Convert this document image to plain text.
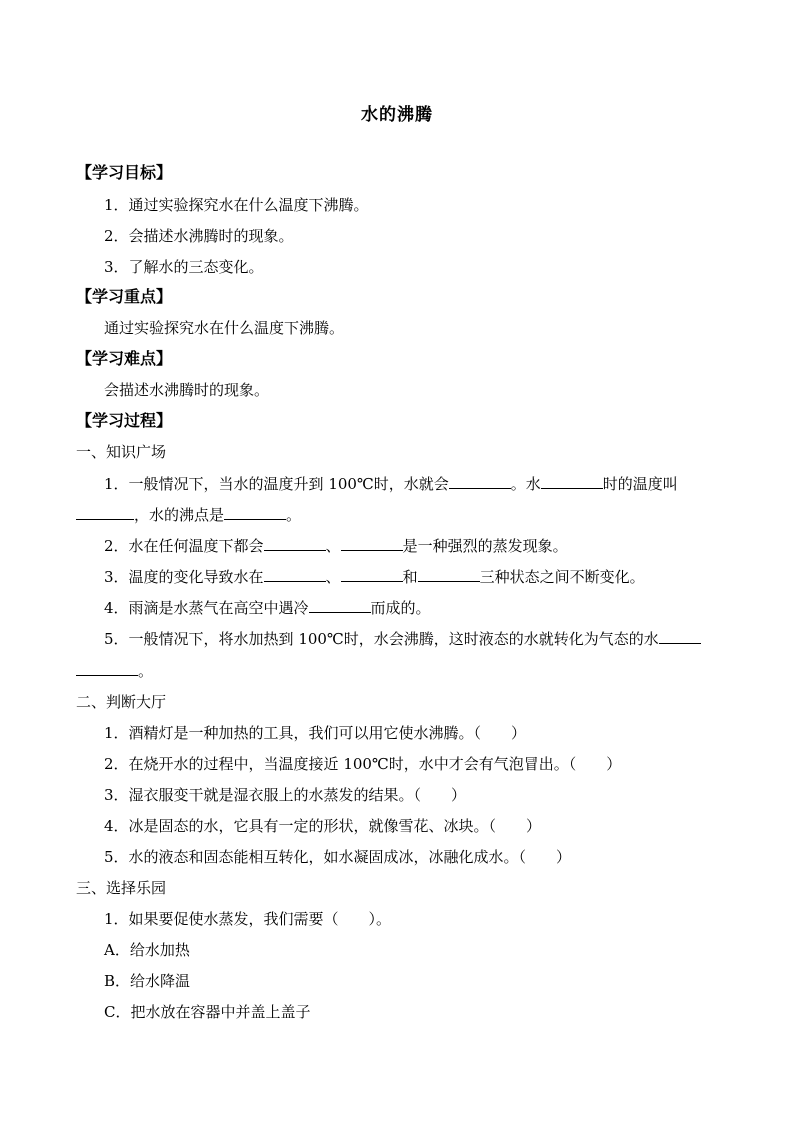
水的沸腾
【学习目标】
1．通过实验探究水在什么温度下沸腾。
2．会描述水沸腾时的现象。
3．了解水的三态变化。
【学习重点】
通过实验探究水在什么温度下沸腾。
【学习难点】
会描述水沸腾时的现象。
【学习过程】
一、知识广场
1．一般情况下，当水的温度升到 100℃时，水就会	。水	时的温度叫
，水的沸点是	。
2．水在任何温度下都会	、	是一种强烈的蒸发现象。
3．温度的变化导致水在	、	和	三种状态之间不断变化。
4．雨滴是水蒸气在高空中遇冷	而成的。
5．一般情况下，将水加热到 100℃时，水会沸腾，这时液态的水就转化为气态的水
。
二、判断大厅
1．酒精灯是一种加热的工具，我们可以用它使水沸腾。（　　）
2．在烧开水的过程中，当温度接近 100℃时，水中才会有气泡冒出。（　　）
3．湿衣服变干就是湿衣服上的水蒸发的结果。（　　）
4．冰是固态的水，它具有一定的形状，就像雪花、冰块。（　　）
5．水的液态和固态能相互转化，如水凝固成冰，冰融化成水。（　　）
三、选择乐园
1．如果要促使水蒸发，我们需要（　　）。
A．给水加热
B．给水降温
C．把水放在容器中并盖上盖子
